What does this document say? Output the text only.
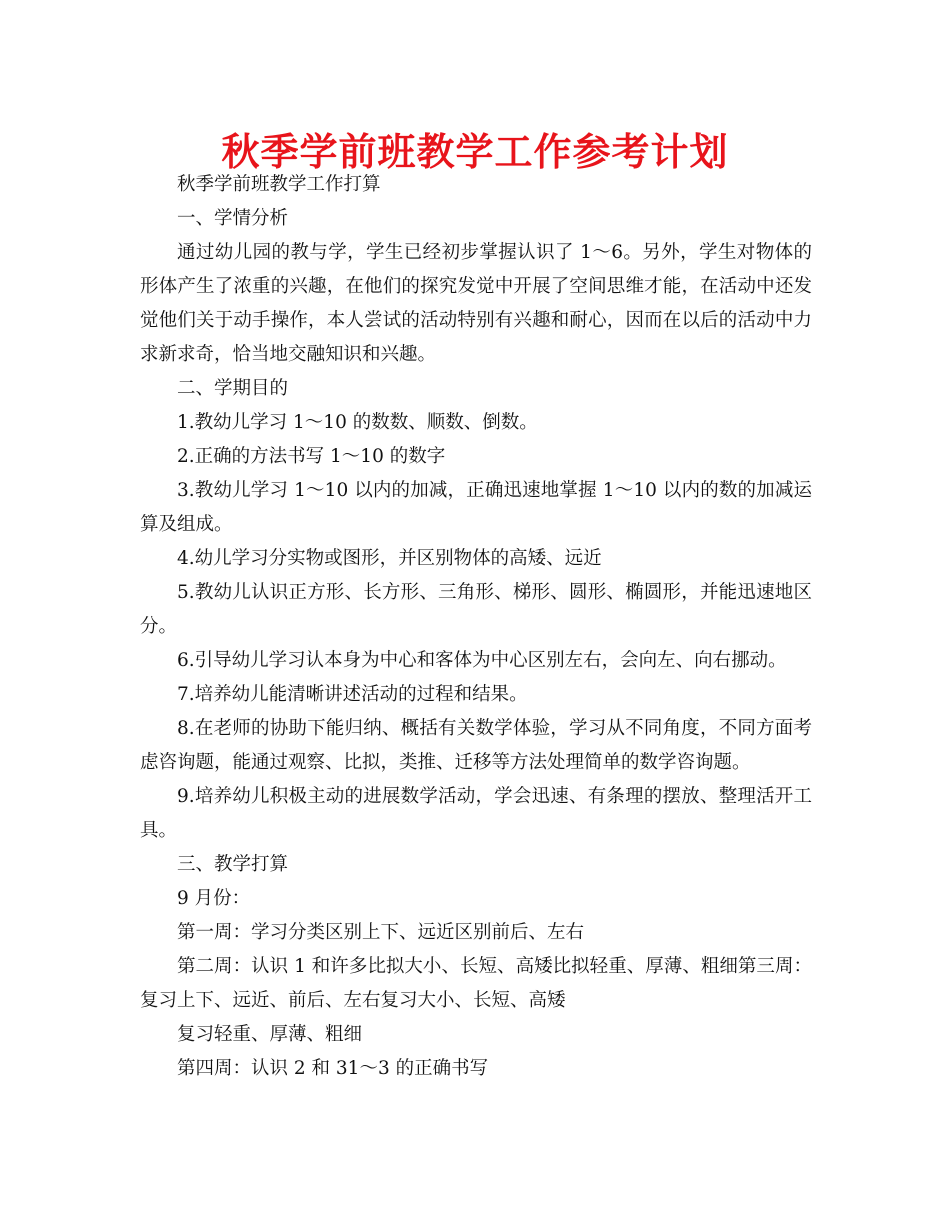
秋季学前班教学工作参考计划

秋季学前班教学工作打算

一、学情分析

通过幼儿园的教与学，学生已经初步掌握认识了 1～6。另外，学生对物体的形体产生了浓重的兴趣，在他们的探究发觉中开展了空间思维才能，在活动中还发觉他们关于动手操作，本人尝试的活动特别有兴趣和耐心，因而在以后的活动中力求新求奇，恰当地交融知识和兴趣。

二、学期目的

1.教幼儿学习 1～10 的数数、顺数、倒数。

2.正确的方法书写 1～10 的数字

3.教幼儿学习 1～10 以内的加减，正确迅速地掌握 1～10 以内的数的加减运算及组成。

4.幼儿学习分实物或图形，并区别物体的高矮、远近

5.教幼儿认识正方形、长方形、三角形、梯形、圆形、椭圆形，并能迅速地区分。

6.引导幼儿学习认本身为中心和客体为中心区别左右，会向左、向右挪动。

7.培养幼儿能清晰讲述活动的过程和结果。

8.在老师的协助下能归纳、概括有关数学体验，学习从不同角度，不同方面考虑咨询题，能通过观察、比拟，类推、迁移等方法处理简单的数学咨询题。

9.培养幼儿积极主动的进展数学活动，学会迅速、有条理的摆放、整理活开工具。

三、教学打算

9 月份：

第一周：学习分类区别上下、远近区别前后、左右

第二周：认识 1 和许多比拟大小、长短、高矮比拟轻重、厚薄、粗细第三周：复习上下、远近、前后、左右复习大小、长短、高矮

复习轻重、厚薄、粗细

第四周：认识 2 和 31～3 的正确书写
